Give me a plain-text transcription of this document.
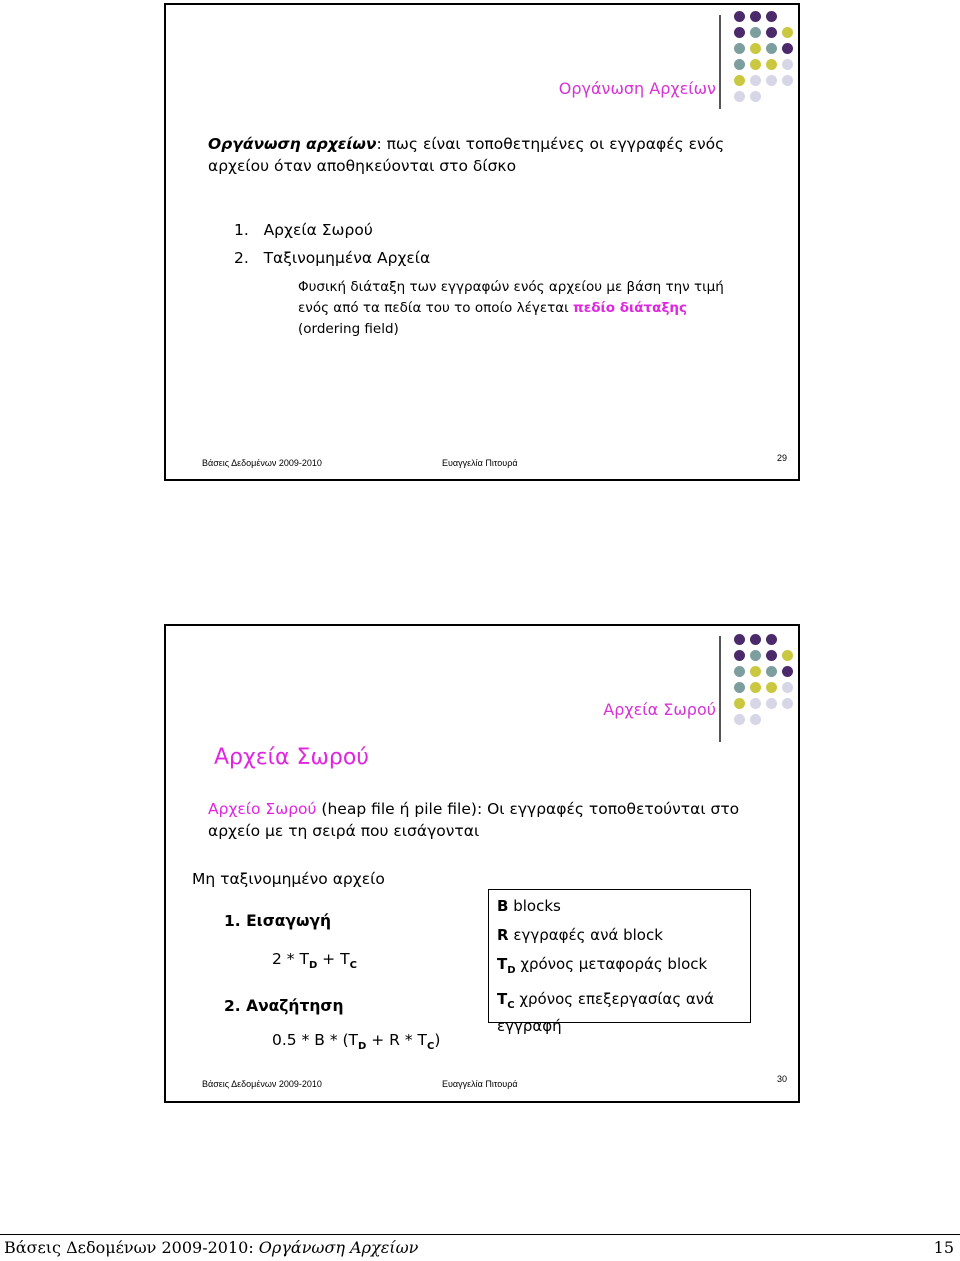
Οργάνωση Αρχείων
Οργάνωση αρχείων: πως είναι τοποθετημένες οι εγγραφές ενός
αρχείου όταν αποθηκεύονται στο δίσκο
1. Αρχεία Σωρού
2. Ταξινομημένα Αρχεία
Φυσική διάταξη των εγγραφών ενός αρχείου με βάση την τιμή
ενός από τα πεδία του το οποίο λέγεται πεδίο διάταξης
(ordering field)
Βάσεις Δεδομένων 2009-2010	Ευαγγελία Πιτουρά	29
Αρχεία Σωρού
Αρχεία Σωρού
Αρχείο Σωρού (heap file ή pile file): Οι εγγραφές τοποθετούνται στο
αρχείο με τη σειρά που εισάγονται
Μη ταξινομημένο αρχείο
1. Εισαγωγή
$2 * T_D + T_C$
2. Αναζήτηση
$0.5 * B * (T_D + R * T_C)$
B blocks
R εγγραφές ανά block
$T_D$ χρόνος μεταφοράς block
$T_C$ χρόνος επεξεργασίας ανά
εγγραφή
Βάσεις Δεδομένων 2009-2010	Ευαγγελία Πιτουρά	30
Βάσεις Δεδομένων 2009-2010: Οργάνωση Αρχείων	15
